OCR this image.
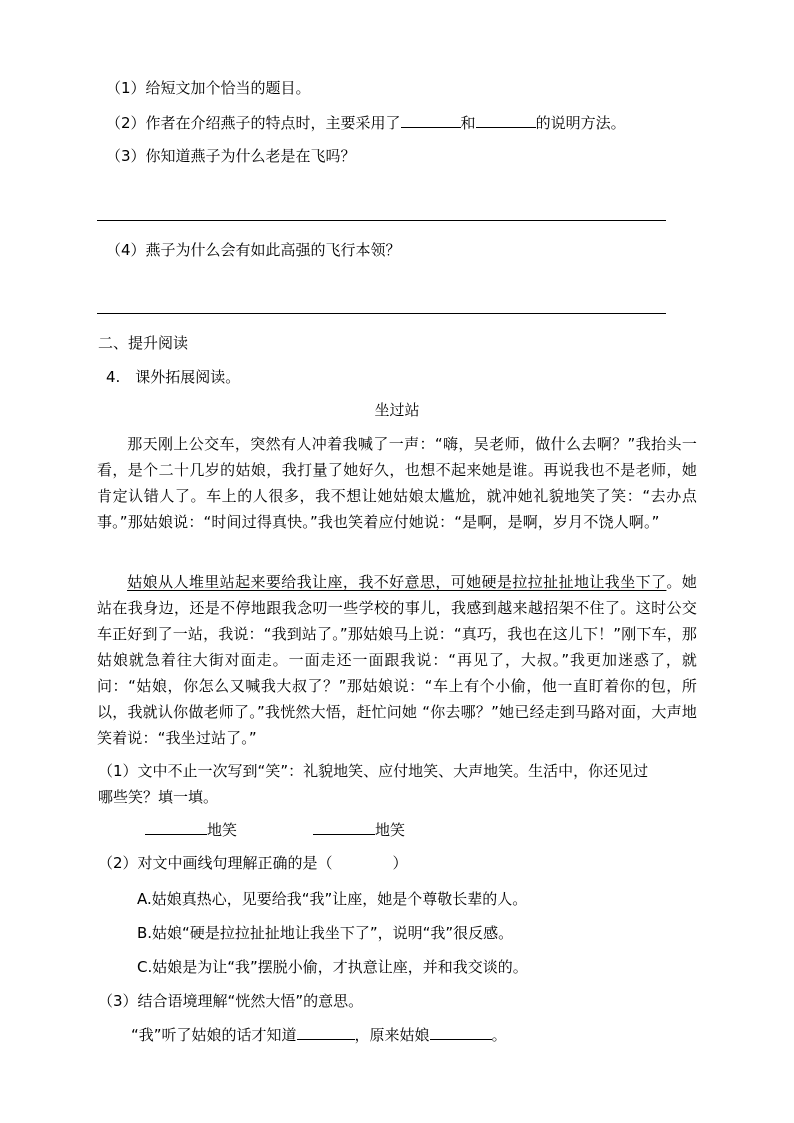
（1）给短文加个恰当的题目。
（2）作者在介绍燕子的特点时，主要采用了	和	的说明方法。
（3）你知道燕子为什么老是在飞吗？
（4）燕子为什么会有如此高强的飞行本领？
二、提升阅读
4.　课外拓展阅读。
坐过站
那天刚上公交车，突然有人冲着我喊了一声：“嗨，吴老师，做什么去啊？”我抬头一看，是个二十几岁的姑娘，我打量了她好久，也想不起来她是谁。再说我也不是老师，她肯定认错人了。车上的人很多，我不想让她姑娘太尴尬，就冲她礼貌地笑了笑：“去办点事。”那姑娘说：“时间过得真快。”我也笑着应付她说：“是啊，是啊，岁月不饶人啊。”
姑娘从人堆里站起来要给我让座，我不好意思，可她硬是拉拉扯扯地让我坐下了。她站在我身边，还是不停地跟我念叨一些学校的事儿，我感到越来越招架不住了。这时公交车正好到了一站，我说：“我到站了。”那姑娘马上说：“真巧，我也在这儿下！”刚下车，那姑娘就急着往大街对面走。一面走还一面跟我说：“再见了，大叔。”我更加迷惑了，就问：“姑娘，你怎么又喊我大叔了？”那姑娘说：“车上有个小偷，他一直盯着你的包，所以，我就认你做老师了。”我恍然大悟，赶忙问她 “你去哪？”她已经走到马路对面，大声地笑着说：“我坐过站了。”
（1）文中不止一次写到“笑”：礼貌地笑、应付地笑、大声地笑。生活中，你还见过
哪些笑？填一填。
地笑	地笑
（2）对文中画线句理解正确的是（　　　　）
A.姑娘真热心，见要给我“我”让座，她是个尊敬长辈的人。
B.姑娘“硬是拉拉扯扯地让我坐下了”，说明“我”很反感。
C.姑娘是为让“我”摆脱小偷，才执意让座，并和我交谈的。
（3）结合语境理解“恍然大悟”的意思。
“我”听了姑娘的话才知道	，原来姑娘	。
